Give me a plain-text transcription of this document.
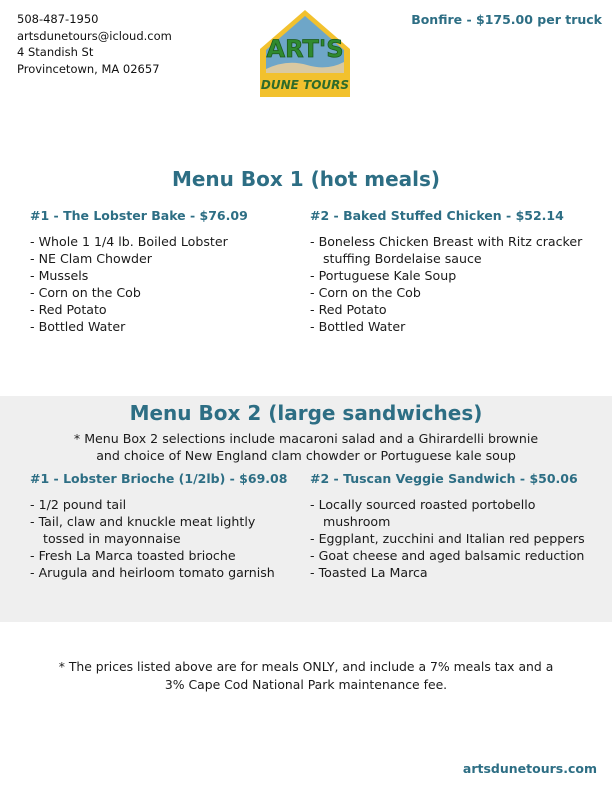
508-487-1950
artsdunetours@icloud.com
4 Standish St
Provincetown, MA 02657
ART'S
DUNE TOURS
Bonfire - $175.00 per truck
Menu Box 1 (hot meals)
#1 - The Lobster Bake - $76.09
- Whole 1 1/4 lb. Boiled Lobster
- NE Clam Chowder
- Mussels
- Corn on the Cob
- Red Potato
- Bottled Water
#2 - Baked Stuffed Chicken - $52.14
- Boneless Chicken Breast with Ritz cracker stuffing Bordelaise sauce
- Portuguese Kale Soup
- Corn on the Cob
- Red Potato
- Bottled Water
Menu Box 2 (large sandwiches)
* Menu Box 2 selections include macaroni salad and a Ghirardelli brownie
and choice of New England clam chowder or Portuguese kale soup
#1 - Lobster Brioche (1/2lb) - $69.08
- 1/2 pound tail
- Tail, claw and knuckle meat lightly tossed in mayonnaise
- Fresh La Marca toasted brioche
- Arugula and heirloom tomato garnish
#2 - Tuscan Veggie Sandwich - $50.06
- Locally sourced roasted portobello mushroom
- Eggplant, zucchini and Italian red peppers
- Goat cheese and aged balsamic reduction
- Toasted La Marca
* The prices listed above are for meals ONLY, and include a 7% meals tax and a
3% Cape Cod National Park maintenance fee.
artsdunetours.com
